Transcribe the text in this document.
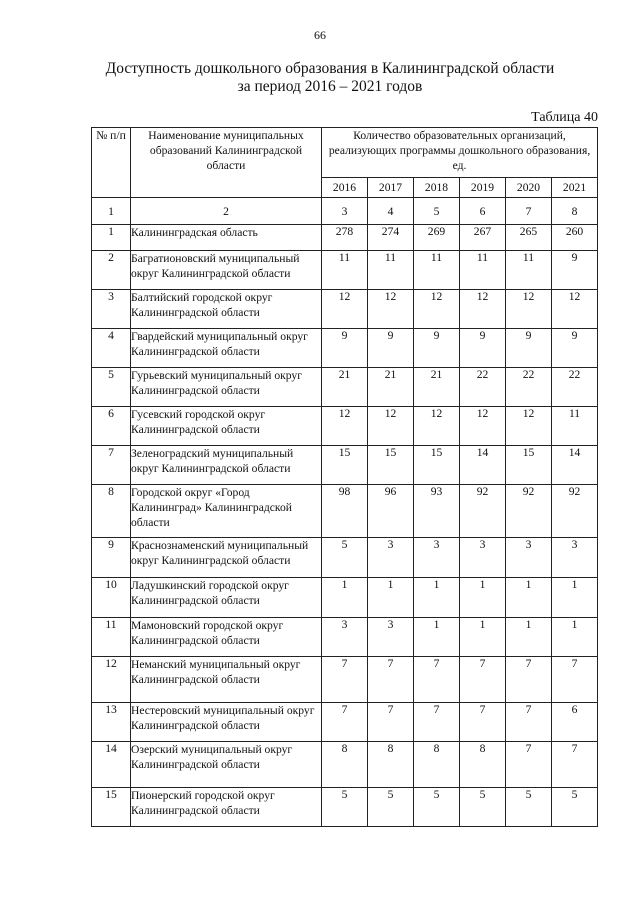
66
Доступность дошкольного образования в Калининградской области
за период 2016 – 2021 годов
Таблица 40
№ п/п	Наименование муниципальных образований Калининградской области	Количество образовательных организаций, реализующих программы дошкольного образования, ед.					
		2016	2017	2018	2019	2020	2021
1	2	3	4	5	6	7	8
1	Калининградская область	278	274	269	267	265	260
2	Багратионовский муниципальный округ Калининградской области	11	11	11	11	11	9
3	Балтийский городской округ Калининградской области	12	12	12	12	12	12
4	Гвардейский муниципальный округ Калининградской области	9	9	9	9	9	9
5	Гурьевский муниципальный округ Калининградской области	21	21	21	22	22	22
6	Гусевский городской округ Калининградской области	12	12	12	12	12	11
7	Зеленоградский муниципальный округ Калининградской области	15	15	15	14	15	14
8	Городской округ «Город Калининград» Калининградской области	98	96	93	92	92	92
9	Краснознаменский муниципальный округ Калининградской области	5	3	3	3	3	3
10	Ладушкинский городской округ Калининградской области	1	1	1	1	1	1
11	Мамоновский городской округ Калининградской области	3	3	1	1	1	1
12	Неманский муниципальный округ Калининградской области	7	7	7	7	7	7
13	Нестеровский муниципальный округ Калининградской области	7	7	7	7	7	6
14	Озерский муниципальный округ Калининградской области	8	8	8	8	7	7
15	Пионерский городской округ Калининградской области	5	5	5	5	5	5
